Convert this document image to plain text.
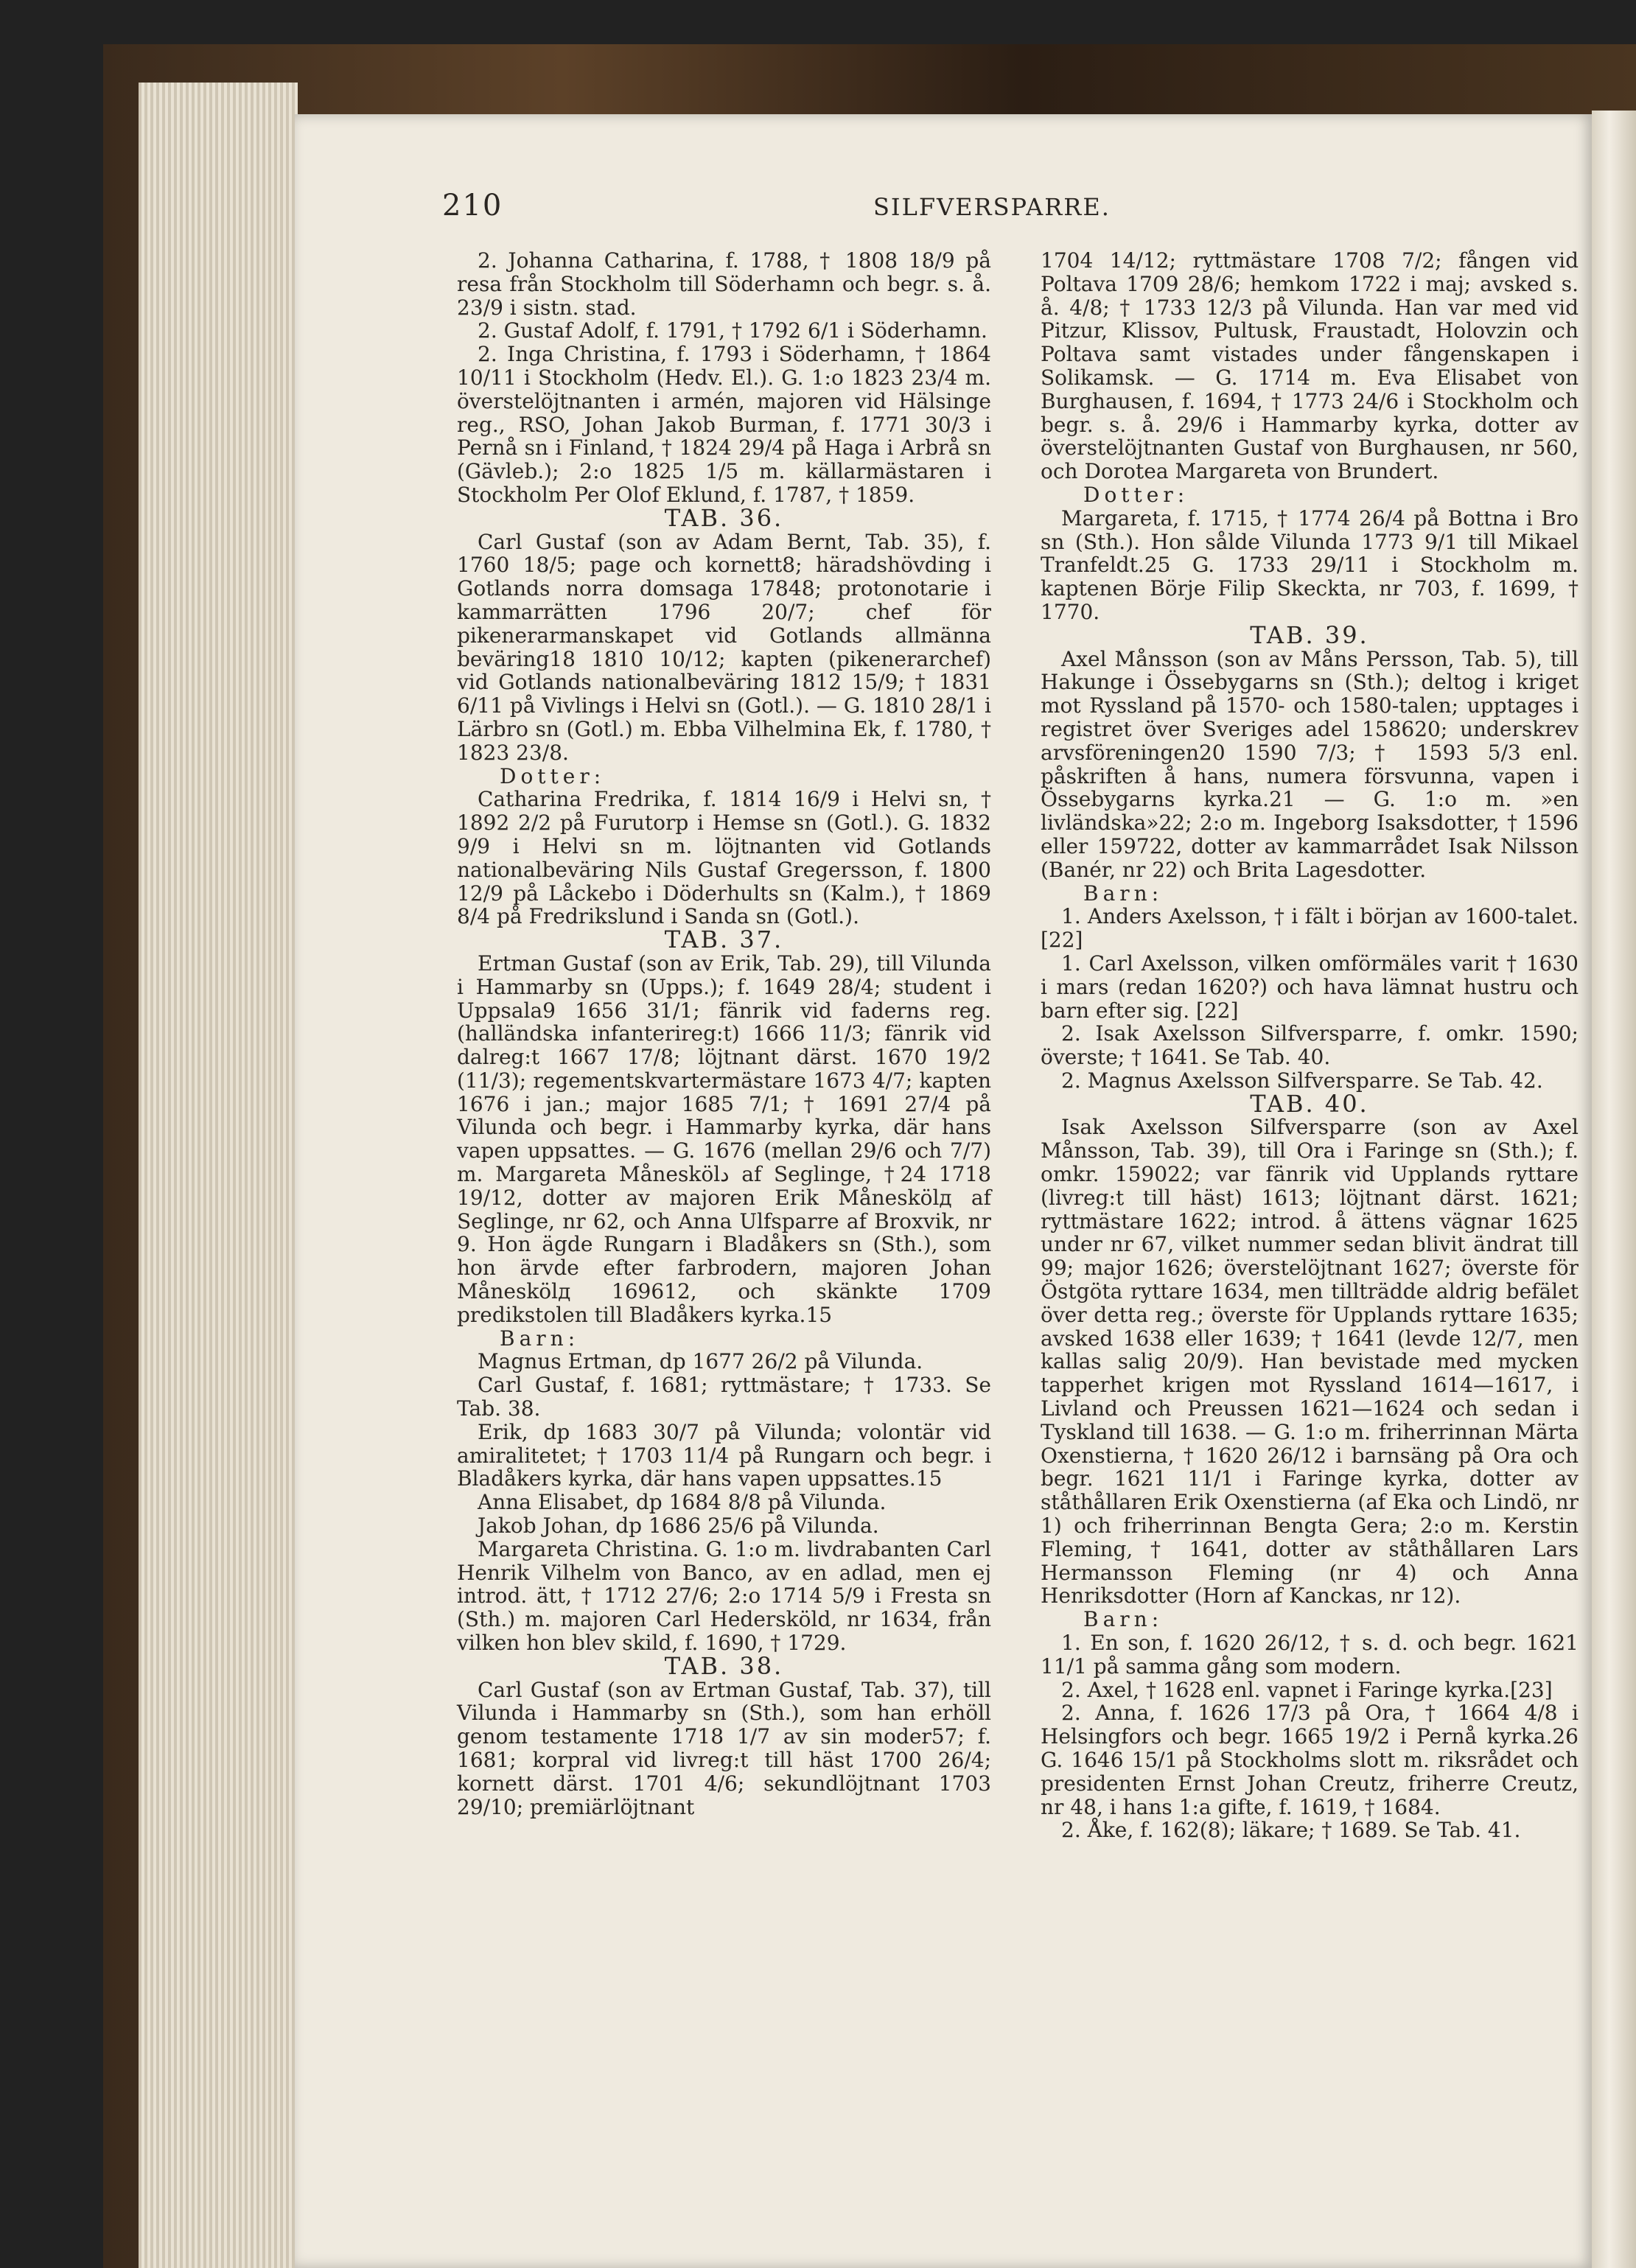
210	SILFVERSPARRE.

2. Johanna Catharina, f. 1788, † 1808 18/9 på resa från Stockholm till Söderhamn och begr. s. å. 23/9 i sistn. stad.

2. Gustaf Adolf, f. 1791, † 1792 6/1 i Söderhamn.

2. Inga Christina, f. 1793 i Söderhamn, † 1864 10/11 i Stockholm (Hedv. El.). G. 1:o 1823 23/4 m. överstelöjtnanten i armén, majoren vid Hälsinge reg., RSO, Johan Jakob Burman, f. 1771 30/3 i Pernå sn i Finland, † 1824 29/4 på Haga i Arbrå sn (Gävleb.); 2:o 1825 1/5 m. källarmästaren i Stockholm Per Olof Eklund, f. 1787, † 1859.

TAB. 36.

Carl Gustaf (son av Adam Bernt, Tab. 35), f. 1760 18/5; page och kornett8; häradshövding i Gotlands norra domsaga 17848; protonotarie i kammarrätten 1796 20/7; chef för pikenerarmanskapet vid Gotlands allmänna beväring18 1810 10/12; kapten (pikenerarchef) vid Gotlands nationalbeväring 1812 15/9; † 1831 6/11 på Vivlings i Helvi sn (Gotl.). — G. 1810 28/1 i Lärbro sn (Gotl.) m. Ebba Vilhelmina Ek, f. 1780, † 1823 23/8.

Dotter:

Catharina Fredrika, f. 1814 16/9 i Helvi sn, † 1892 2/2 på Furutorp i Hemse sn (Gotl.). G. 1832 9/9 i Helvi sn m. löjtnanten vid Gotlands nationalbeväring Nils Gustaf Gregersson, f. 1800 12/9 på Låckebo i Döderhults sn (Kalm.), † 1869 8/4 på Fredrikslund i Sanda sn (Gotl.).

TAB. 37.

Ertman Gustaf (son av Erik, Tab. 29), till Vilunda i Hammarby sn (Upps.); f. 1649 28/4; student i Uppsala9 1656 31/1; fänrik vid faderns reg. (halländska infanterireg:t) 1666 11/3; fänrik vid dalreg:t 1667 17/8; löjtnant därst. 1670 19/2 (11/3); regementskvartermästare 1673 4/7; kapten 1676 i jan.; major 1685 7/1; † 1691 27/4 på Vilunda och begr. i Hammarby kyrka, där hans vapen uppsattes. — G. 1676 (mellan 29/6 och 7/7) m. Margareta Måneskölد af Seglinge, †24 1718 19/12, dotter av majoren Erik Måneskölд af Seglinge, nr 62, och Anna Ulfsparre af Broxvik, nr 9. Hon ägde Rungarn i Bladåkers sn (Sth.), som hon ärvde efter farbrodern, majoren Johan Måneskölд 169612, och skänkte 1709 predikstolen till Bladåkers kyrka.15

Barn:

Magnus Ertman, dp 1677 26/2 på Vilunda.

Carl Gustaf, f. 1681; ryttmästare; † 1733. Se Tab. 38.

Erik, dp 1683 30/7 på Vilunda; volontär vid amiralitetet; † 1703 11/4 på Rungarn och begr. i Bladåkers kyrka, där hans vapen uppsattes.15

Anna Elisabet, dp 1684 8/8 på Vilunda.

Jakob Johan, dp 1686 25/6 på Vilunda.

Margareta Christina. G. 1:o m. livdrabanten Carl Henrik Vilhelm von Banco, av en adlad, men ej introd. ätt, † 1712 27/6; 2:o 1714 5/9 i Fresta sn (Sth.) m. majoren Carl Hedersköld, nr 1634, från vilken hon blev skild, f. 1690, † 1729.

TAB. 38.

Carl Gustaf (son av Ertman Gustaf, Tab. 37), till Vilunda i Hammarby sn (Sth.), som han erhöll genom testamente 1718 1/7 av sin moder57; f. 1681; korpral vid livreg:t till häst 1700 26/4; kornett därst. 1701 4/6; sekundlöjtnant 1703 29/10; premiärlöjtnant

1704 14/12; ryttmästare 1708 7/2; fången vid Poltava 1709 28/6; hemkom 1722 i maj; avsked s. å. 4/8; † 1733 12/3 på Vilunda. Han var med vid Pitzur, Klissov, Pultusk, Fraustadt, Holovzin och Poltava samt vistades under fångenskapen i Solikamsk. — G. 1714 m. Eva Elisabet von Burghausen, f. 1694, † 1773 24/6 i Stockholm och begr. s. å. 29/6 i Hammarby kyrka, dotter av överstelöjtnanten Gustaf von Burghausen, nr 560, och Dorotea Margareta von Brundert.

Dotter:

Margareta, f. 1715, † 1774 26/4 på Bottna i Bro sn (Sth.). Hon sålde Vilunda 1773 9/1 till Mikael Tranfeldt.25 G. 1733 29/11 i Stockholm m. kaptenen Börje Filip Skeckta, nr 703, f. 1699, † 1770.

TAB. 39.

Axel Månsson (son av Måns Persson, Tab. 5), till Hakunge i Össebygarns sn (Sth.); deltog i kriget mot Ryssland på 1570- och 1580-talen; upptages i registret över Sveriges adel 158620; underskrev arvsföreningen20 1590 7/3; † 1593 5/3 enl. påskriften å hans, numera försvunna, vapen i Össebygarns kyrka.21 — G. 1:o m. »en livländska»22; 2:o m. Ingeborg Isaksdotter, † 1596 eller 159722, dotter av kammarrådet Isak Nilsson (Banér, nr 22) och Brita Lagesdotter.

Barn:

1. Anders Axelsson, † i fält i början av 1600-talet. [22]

1. Carl Axelsson, vilken omförmäles varit † 1630 i mars (redan 1620?) och hava lämnat hustru och barn efter sig. [22]

2. Isak Axelsson Silfversparre, f. omkr. 1590; överste; † 1641. Se Tab. 40.

2. Magnus Axelsson Silfversparre. Se Tab. 42.

TAB. 40.

Isak Axelsson Silfversparre (son av Axel Månsson, Tab. 39), till Ora i Faringe sn (Sth.); f. omkr. 159022; var fänrik vid Upplands ryttare (livreg:t till häst) 1613; löjtnant därst. 1621; ryttmästare 1622; introd. å ättens vägnar 1625 under nr 67, vilket nummer sedan blivit ändrat till 99; major 1626; överstelöjtnant 1627; överste för Östgöta ryttare 1634, men tillträdde aldrig befälet över detta reg.; överste för Upplands ryttare 1635; avsked 1638 eller 1639; † 1641 (levde 12/7, men kallas salig 20/9). Han bevistade med mycken tapperhet krigen mot Ryssland 1614—1617, i Livland och Preussen 1621—1624 och sedan i Tyskland till 1638. — G. 1:o m. friherrinnan Märta Oxenstierna, † 1620 26/12 i barnsäng på Ora och begr. 1621 11/1 i Faringe kyrka, dotter av ståthållaren Erik Oxenstierna (af Eka och Lindö, nr 1) och friherrinnan Bengta Gera; 2:o m. Kerstin Fleming, † 1641, dotter av ståthållaren Lars Hermansson Fleming (nr 4) och Anna Henriksdotter (Horn af Kanckas, nr 12).

Barn:

1. En son, f. 1620 26/12, † s. d. och begr. 1621 11/1 på samma gång som modern.

2. Axel, † 1628 enl. vapnet i Faringe kyrka.[23]

2. Anna, f. 1626 17/3 på Ora, † 1664 4/8 i Helsingfors och begr. 1665 19/2 i Pernå kyrka.26 G. 1646 15/1 på Stockholms slott m. riksrådet och presidenten Ernst Johan Creutz, friherre Creutz, nr 48, i hans 1:a gifte, f. 1619, † 1684.

2. Åke, f. 162(8); läkare; † 1689. Se Tab. 41.
